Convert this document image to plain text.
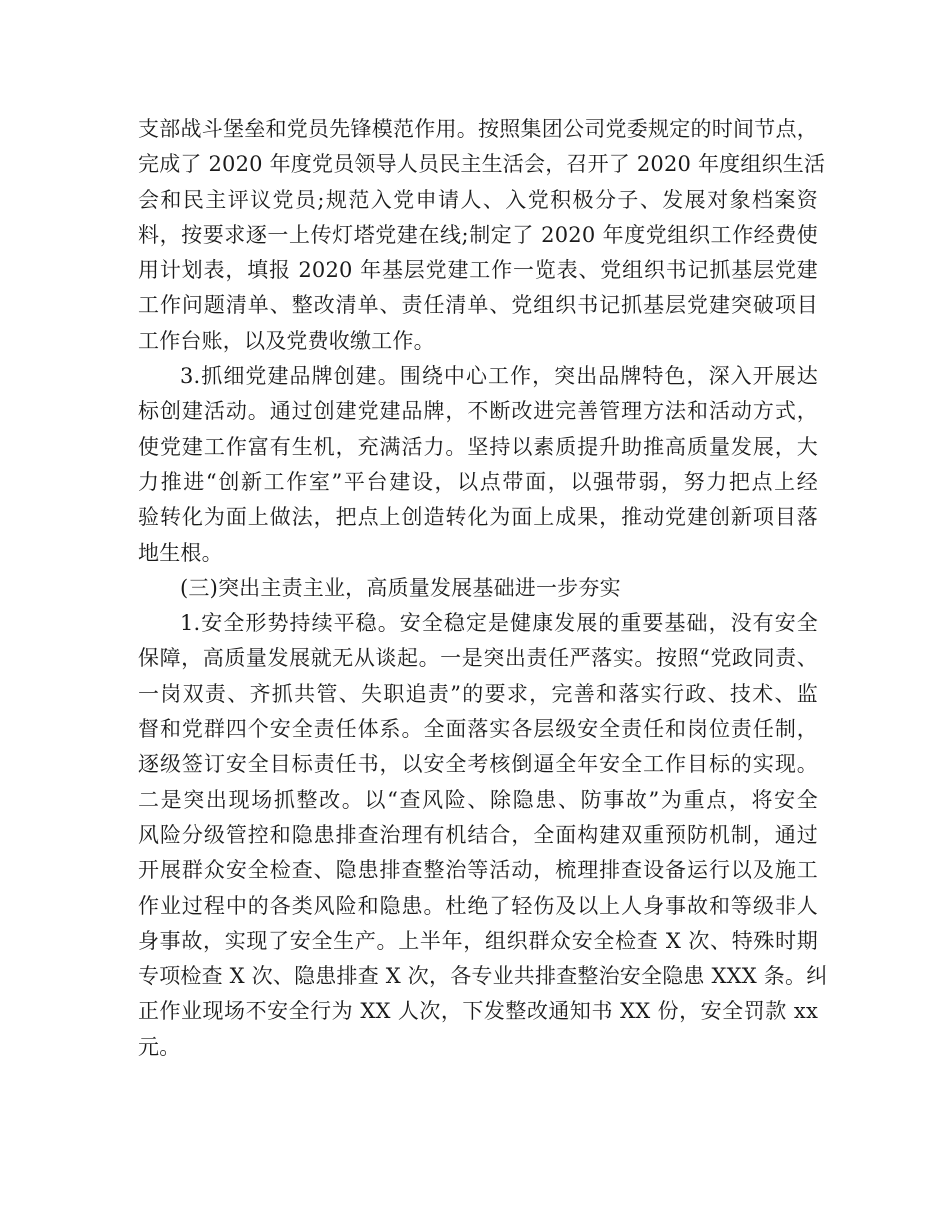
支部战斗堡垒和党员先锋模范作用。按照集团公司党委规定的时间节点，
完成了 2020 年度党员领导人员民主生活会，召开了 2020 年度组织生活
会和民主评议党员;规范入党申请人、入党积极分子、发展对象档案资
料，按要求逐一上传灯塔党建在线;制定了 2020 年度党组织工作经费使
用计划表，填报 2020 年基层党建工作一览表、党组织书记抓基层党建
工作问题清单、整改清单、责任清单、党组织书记抓基层党建突破项目
工作台账，以及党费收缴工作。
3.抓细党建品牌创建。围绕中心工作，突出品牌特色，深入开展达
标创建活动。通过创建党建品牌，不断改进完善管理方法和活动方式，
使党建工作富有生机，充满活力。坚持以素质提升助推高质量发展，大
力推进“创新工作室”平台建设，以点带面，以强带弱，努力把点上经
验转化为面上做法，把点上创造转化为面上成果，推动党建创新项目落
地生根。
(三)突出主责主业，高质量发展基础进一步夯实
1.安全形势持续平稳。安全稳定是健康发展的重要基础，没有安全
保障，高质量发展就无从谈起。一是突出责任严落实。按照“党政同责、
一岗双责、齐抓共管、失职追责”的要求，完善和落实行政、技术、监
督和党群四个安全责任体系。全面落实各层级安全责任和岗位责任制，
逐级签订安全目标责任书，以安全考核倒逼全年安全工作目标的实现。
二是突出现场抓整改。以“查风险、除隐患、防事故”为重点，将安全
风险分级管控和隐患排查治理有机结合，全面构建双重预防机制，通过
开展群众安全检查、隐患排查整治等活动，梳理排查设备运行以及施工
作业过程中的各类风险和隐患。杜绝了轻伤及以上人身事故和等级非人
身事故，实现了安全生产。上半年，组织群众安全检查 X 次、特殊时期
专项检查 X 次、隐患排查 X 次，各专业共排查整治安全隐患 XXX 条。纠
正作业现场不安全行为 XX 人次，下发整改通知书 XX 份，安全罚款 xx
元。
